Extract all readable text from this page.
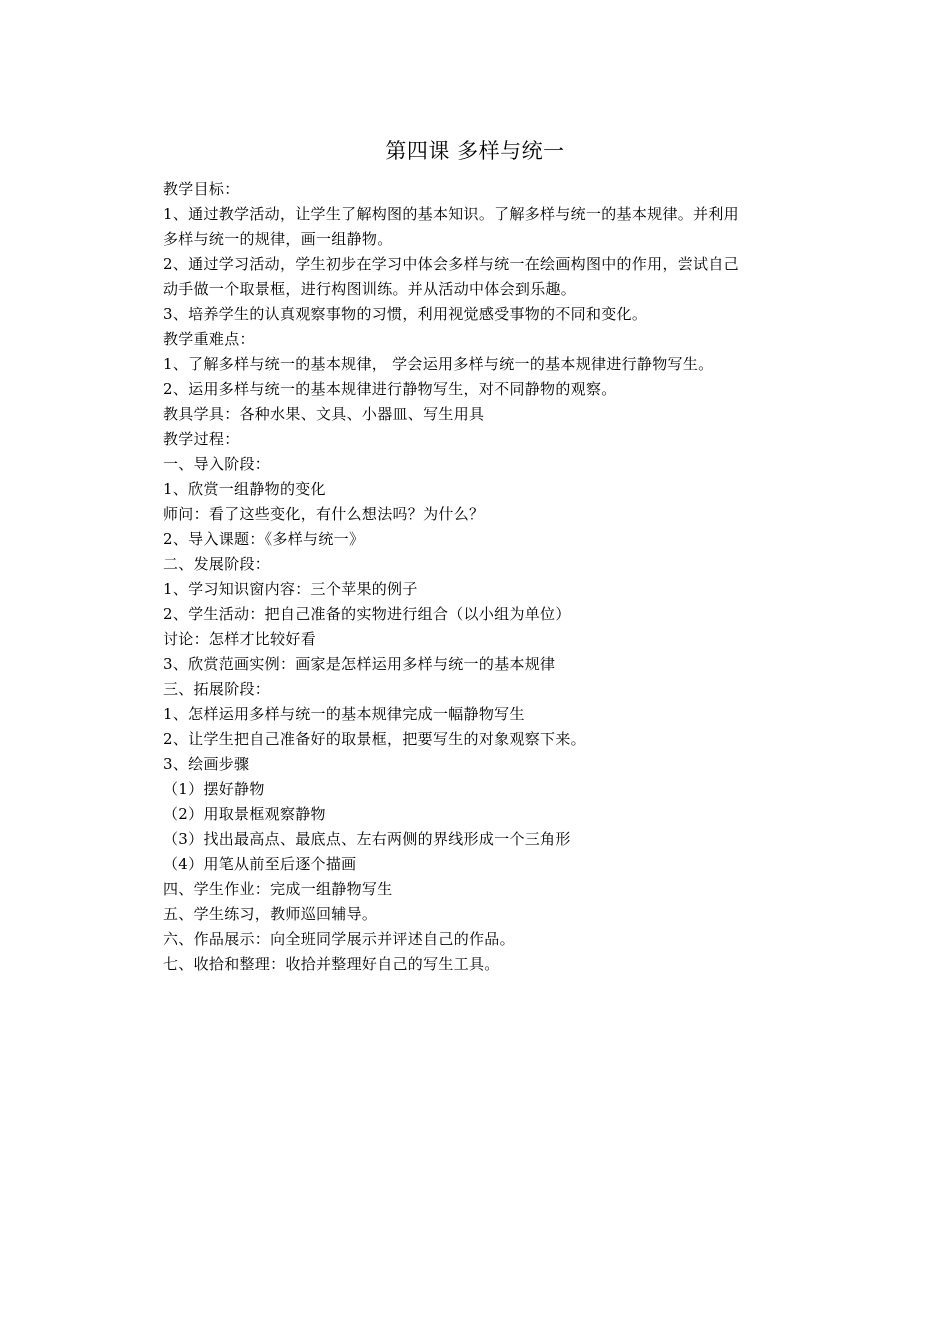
第四课 多样与统一
教学目标：
1、通过教学活动，让学生了解构图的基本知识。了解多样与统一的基本规律。并利用
多样与统一的规律，画一组静物。
2、通过学习活动，学生初步在学习中体会多样与统一在绘画构图中的作用，尝试自己
动手做一个取景框，进行构图训练。并从活动中体会到乐趣。
3、培养学生的认真观察事物的习惯，利用视觉感受事物的不同和变化。
教学重难点：
1、了解多样与统一的基本规律， 学会运用多样与统一的基本规律进行静物写生。
2、运用多样与统一的基本规律进行静物写生，对不同静物的观察。
教具学具：各种水果、文具、小器皿、写生用具
教学过程：
一、导入阶段：
1、欣赏一组静物的变化
师问：看了这些变化，有什么想法吗？为什么？
2、导入课题：《多样与统一》
二、发展阶段：
1、学习知识窗内容：三个苹果的例子
2、学生活动：把自己准备的实物进行组合（以小组为单位）
讨论：怎样才比较好看
3、欣赏范画实例：画家是怎样运用多样与统一的基本规律
三、拓展阶段：
1、怎样运用多样与统一的基本规律完成一幅静物写生
2、让学生把自己准备好的取景框，把要写生的对象观察下来。
3、绘画步骤
（1）摆好静物
（2）用取景框观察静物
（3）找出最高点、最底点、左右两侧的界线形成一个三角形
（4）用笔从前至后逐个描画
四、学生作业：完成一组静物写生
五、学生练习，教师巡回辅导。
六、作品展示：向全班同学展示并评述自己的作品。
七、收拾和整理：收拾并整理好自己的写生工具。
